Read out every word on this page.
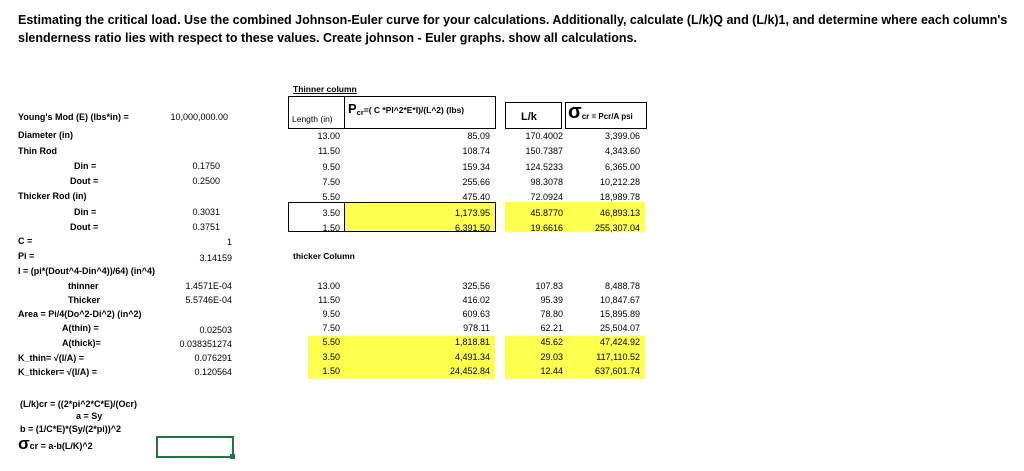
Estimating the critical load. Use the combined Johnson-Euler curve for your calculations. Additionally, calculate (L/k)Q and (L/k)1, and determine where each column's slenderness ratio lies with respect to these values. Create johnson - Euler graphs. show all calculations.
Young's Mod (E) (lbs*in) =	10,000,000.00
Diameter (in)
Thin Rod
Din =	0.1750
Dout =	0.2500
Thicker Rod (in)
Din =	0.3031
Dout =	0.3751
C =	1
Pi =	3.14159
I = (pi*(Dout^4-Din^4))/64) (in^4)
thinner	1.4571E-04
Thicker	5.5746E-04
Area = Pi/4(Do^2-Di^2) (in^2)
A(thin) =	0.02503
A(thick)=	0.038351274
K_thin= √(I/A) =	0.076291
K_thicker= √(I/A) =	0.120564
(L/k)cr = ((2*pi^2*C*E)/(Ocr)
a = Sy
b = (1/C*E)*(Sy/(2*pi))^2
σ cr = a-b(L/K)^2
Thinner column
Length (in)
P cr =( C *PI^2*E*I)/(L^2) (lbs)
L/k σ cr = Pcr/A psi
13.00	85.09	170.4002	3,399.06
11.50	108.74	150.7387	4,343.60
9.50	159.34	124.5233	6,365.00
7.50	255.66	98.3078	10,212.28
5.50	475.40	72.0924	18,989.78
3.50	1,173.95	45.8770	46,893.13
1.50	6,391.50	19.6616	255,307.04
thicker Column
13.00	325.56	107.83	8,488.78
11.50	416.02	95.39	10,847.67
9.50	609.63	78.80	15,895.89
7.50	978.11	62.21	25,504.07
5.50	1,818.81	45.62	47,424.92
3.50	4,491.34	29.03	117,110.52
1.50	24,452.84	12.44	637,601.74
